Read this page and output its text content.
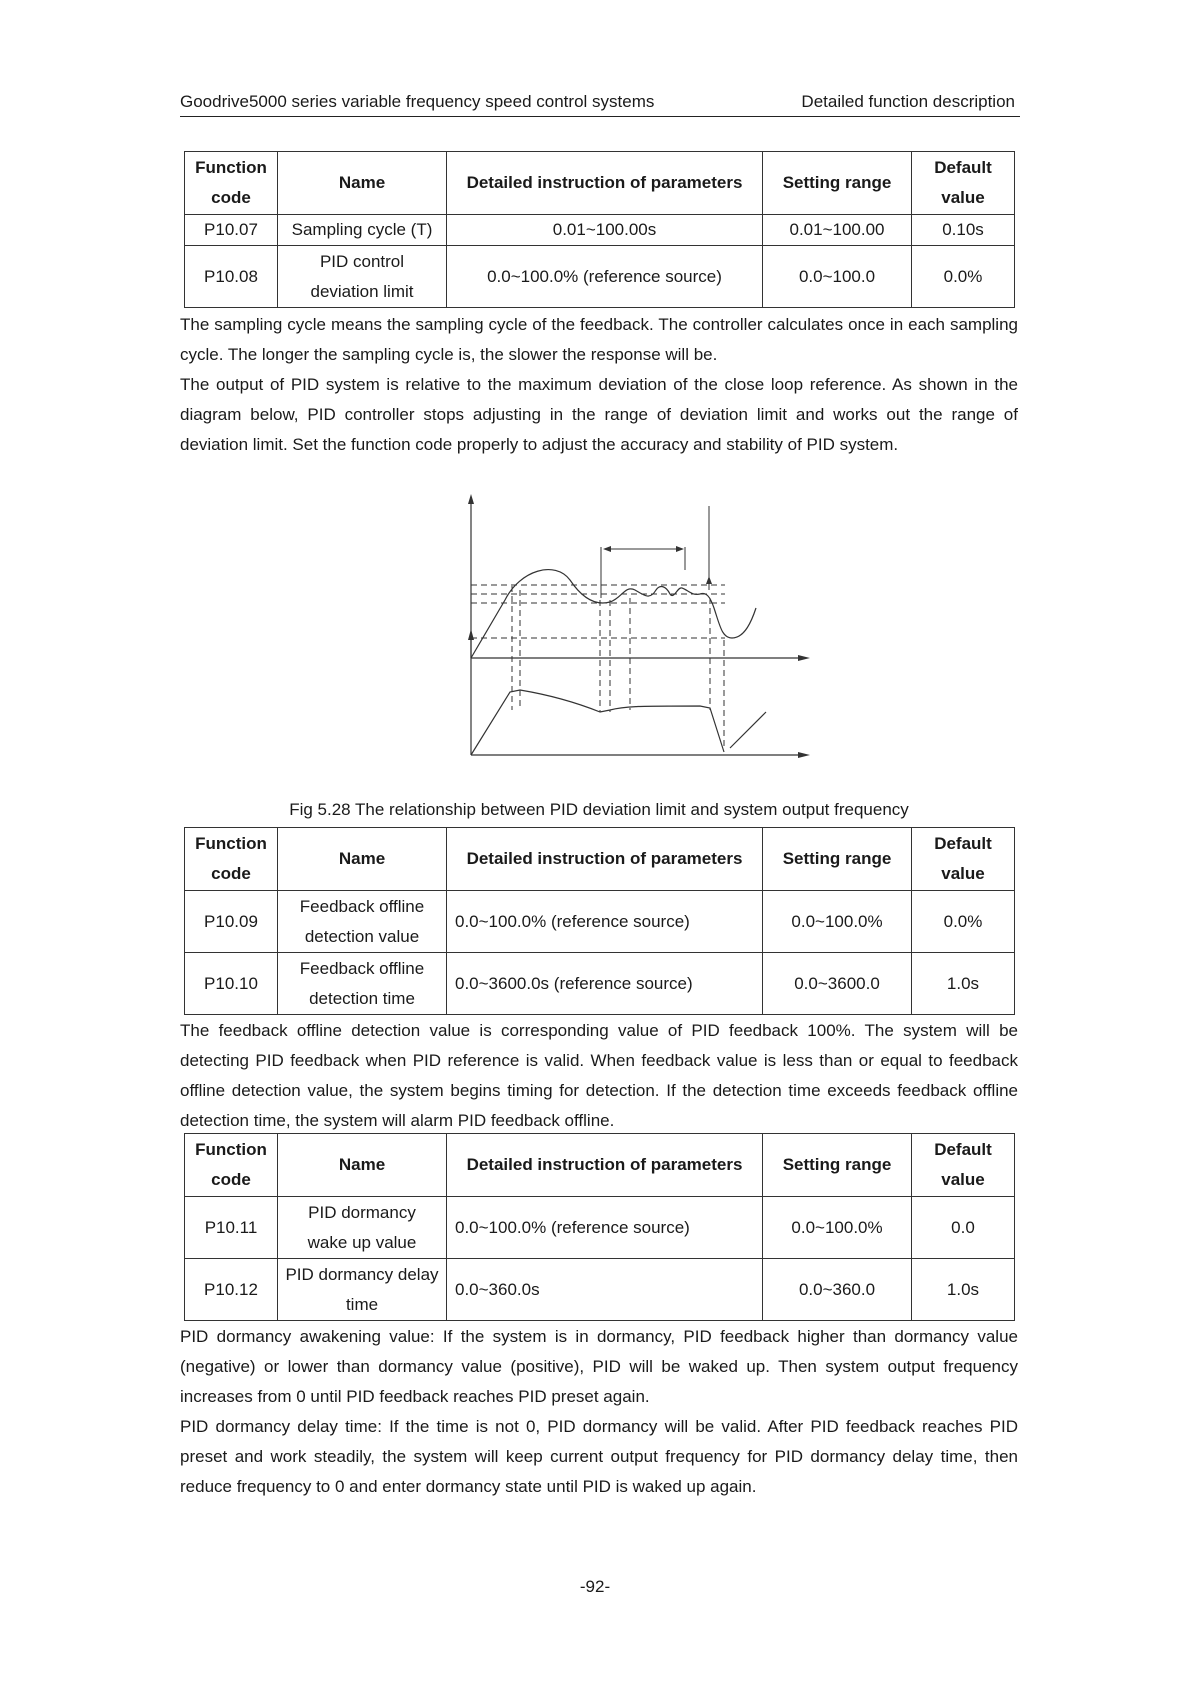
Goodrive5000 series variable frequency speed control systems	Detailed function description
Function
code	Name	Detailed instruction of parameters	Setting range	Default
value
P10.07	Sampling cycle (T)	0.01~100.00s	0.01~100.00	0.10s
P10.08	PID control
deviation limit	0.0~100.0% (reference source)	0.0~100.0	0.0%

The sampling cycle means the sampling cycle of the feedback. The controller calculates once in each sampling cycle. The longer the sampling cycle is, the slower the response will be.

The output of PID system is relative to the maximum deviation of the close loop reference. As shown in the diagram below, PID controller stops adjusting in the range of deviation limit and works out the range of deviation limit. Set the function code properly to adjust the accuracy and stability of PID system.

Fig 5.28 The relationship between PID deviation limit and system output frequency
Function
code	Name	Detailed instruction of parameters	Setting range	Default
value
P10.09	Feedback offline
detection value	0.0~100.0% (reference source)	0.0~100.0%	0.0%
P10.10	Feedback offline
detection time	0.0~3600.0s (reference source)	0.0~3600.0	1.0s

The feedback offline detection value is corresponding value of PID feedback 100%. The system will be detecting PID feedback when PID reference is valid. When feedback value is less than or equal to feedback offline detection value, the system begins timing for detection. If the detection time exceeds feedback offline detection time, the system will alarm PID feedback offline.

Function
code	Name	Detailed instruction of parameters	Setting range	Default
value
P10.11	PID dormancy
wake up value	0.0~100.0% (reference source)	0.0~100.0%	0.0
P10.12	PID dormancy delay
time	0.0~360.0s	0.0~360.0	1.0s

PID dormancy awakening value: If the system is in dormancy, PID feedback higher than dormancy value (negative) or lower than dormancy value (positive), PID will be waked up. Then system output frequency increases from 0 until PID feedback reaches PID preset again.

PID dormancy delay time: If the time is not 0, PID dormancy will be valid. After PID feedback reaches PID preset and work steadily, the system will keep current output frequency for PID dormancy delay time, then reduce frequency to 0 and enter dormancy state until PID is waked up again.

-92-
